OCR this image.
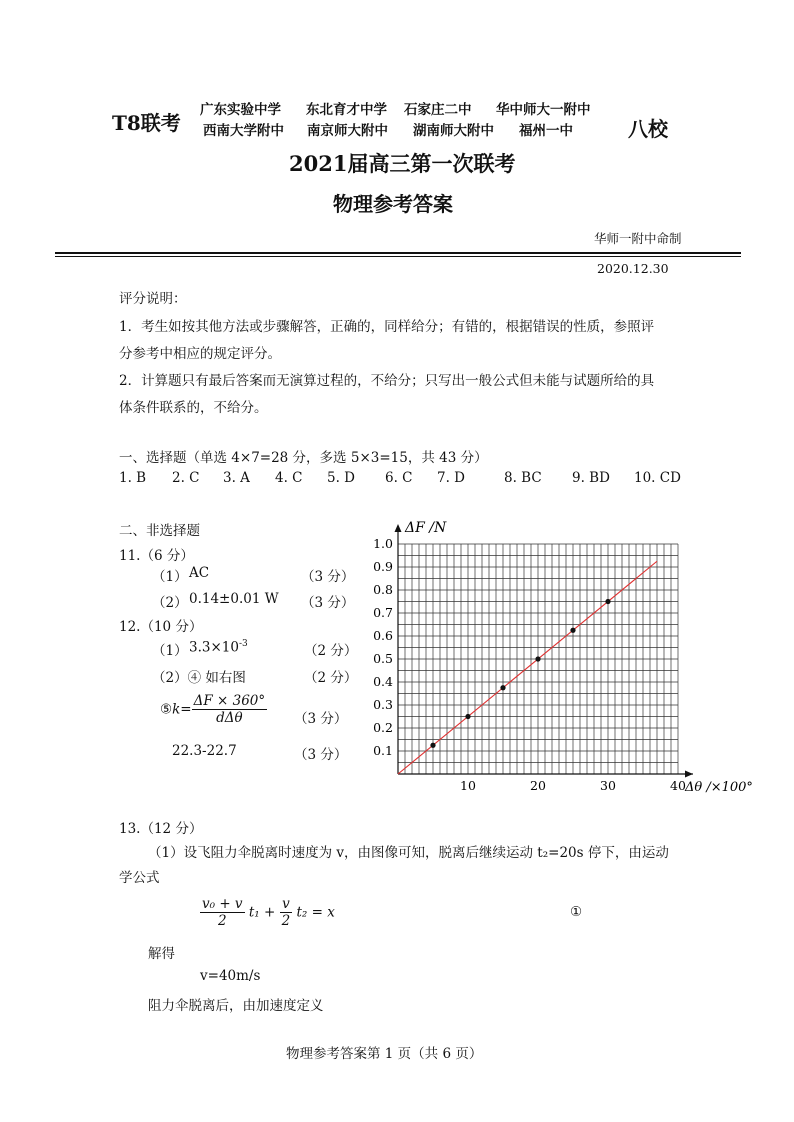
T8联考
广东实验中学 东北育才中学 石家庄二中 华中师大一附中
西南大学附中 南京师大附中 湖南师大附中 福州一中	八校
2021届高三第一次联考
物理参考答案
华师一附中命制
2020.12.30
评分说明：
1．考生如按其他方法或步骤解答，正确的，同样给分；有错的，根据错误的性质，参照评
分参考中相应的规定评分。
2．计算题只有最后答案而无演算过程的，不给分；只写出一般公式但未能与试题所给的具
体条件联系的，不给分。
一、选择题（单选 4×7=28 分，多选 5×3=15，共 43 分）
1. B 2. C 3. A 4. C 5. D 6. C 7. D	8. BC 9. BD 10. CD
二、非选择题
11.（6 分）
（1） AC	（3 分）
（2） 0.14±0.01 W （3 分）
12.（10 分）
（1） $3.3\times 10^{-3}$	（2 分）
（2）④ 如右图	（2 分）
⑤k= $\frac{\Delta F \times 360^\circ}{\text{dΔθ}} (3$ 分）
22.3-22.7	（3 分） 0.1
0.2
0.3
0.4
0.5
0.6
0.7
0.8
0.9
1.0
10	20	30	40
ΔF /N
Δθ /×100°
13.（12 分）
（1）设飞阻力伞脱离时速度为 v，由图像可知，脱离后继续运动 t₂=20s 停下，由运动
学公式
$\frac{\text{v₀ + v}}{2} t_1 + \frac{v}{2} t_2 = x$	①
解得
v=40m/s
阻力伞脱离后，由加速度定义
物理参考答案第 1 页（共 6 页）
